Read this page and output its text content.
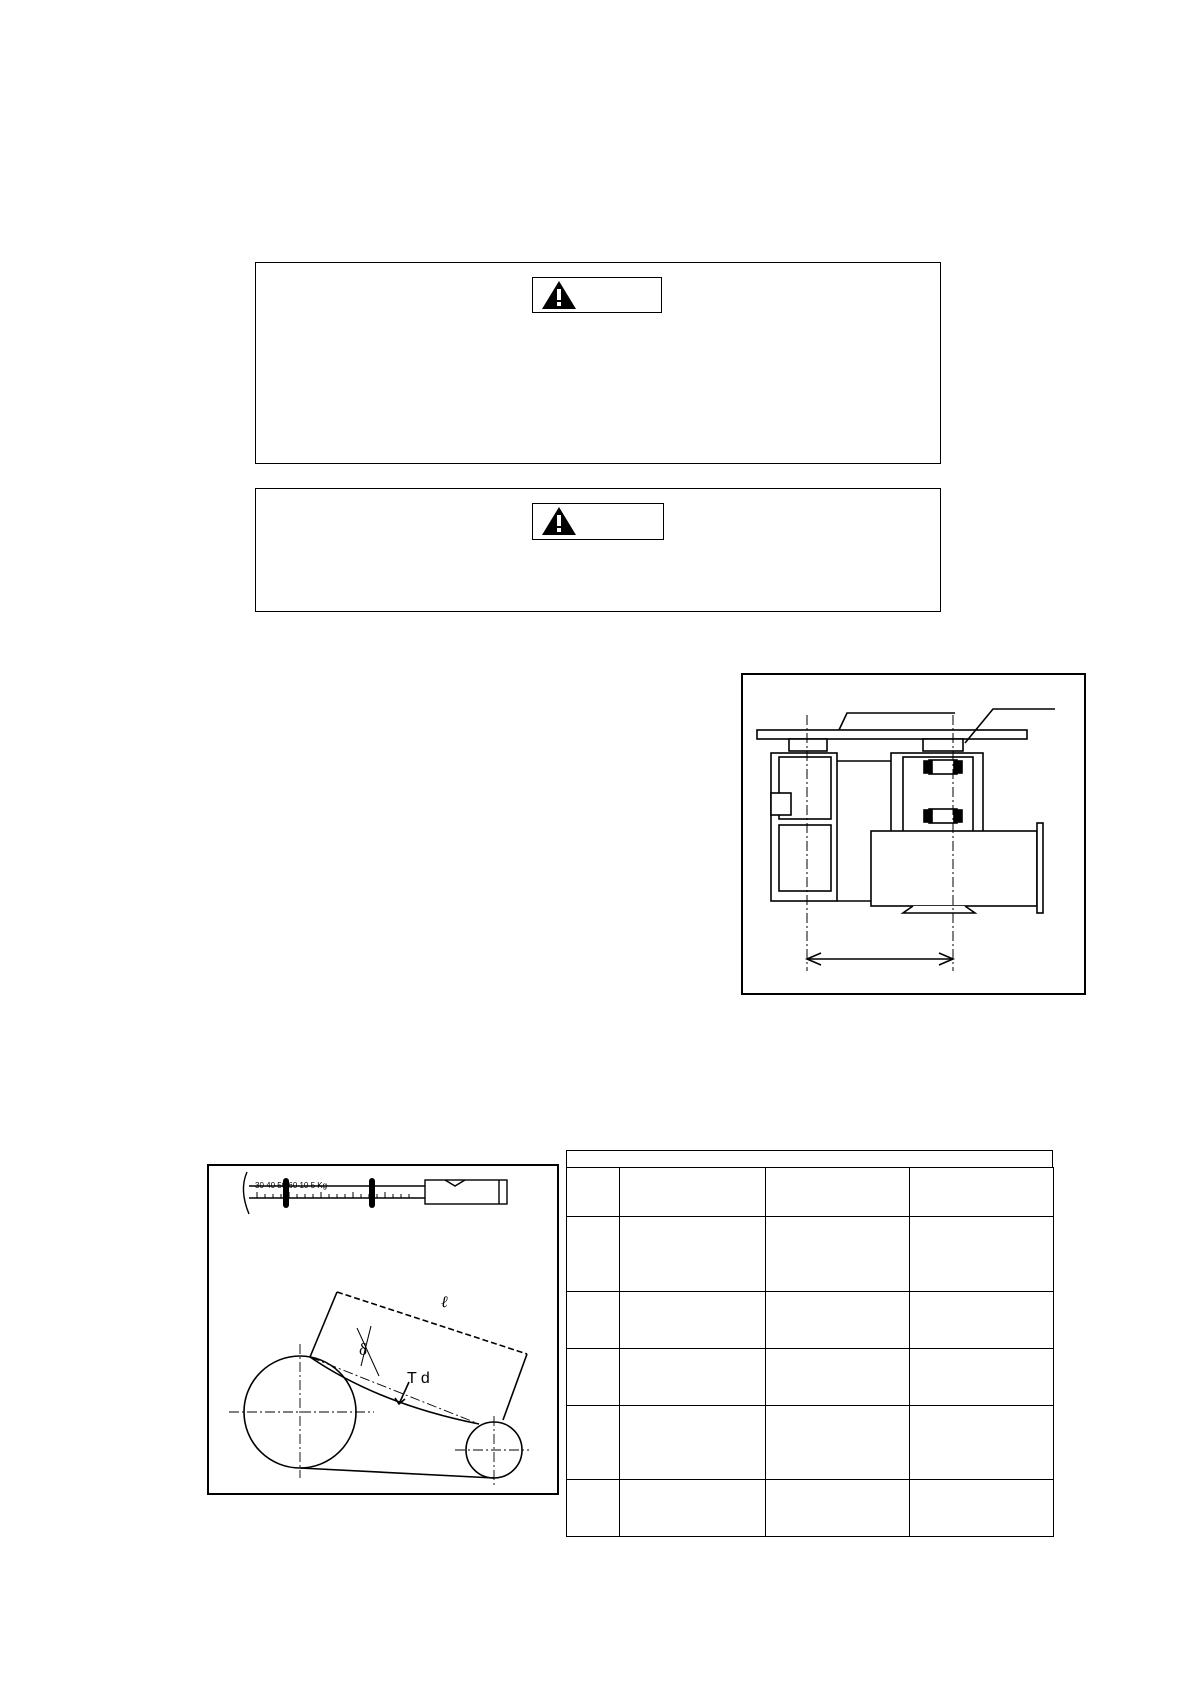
30 40 50 60 10 5 Kg
ℓ
δ
T d
